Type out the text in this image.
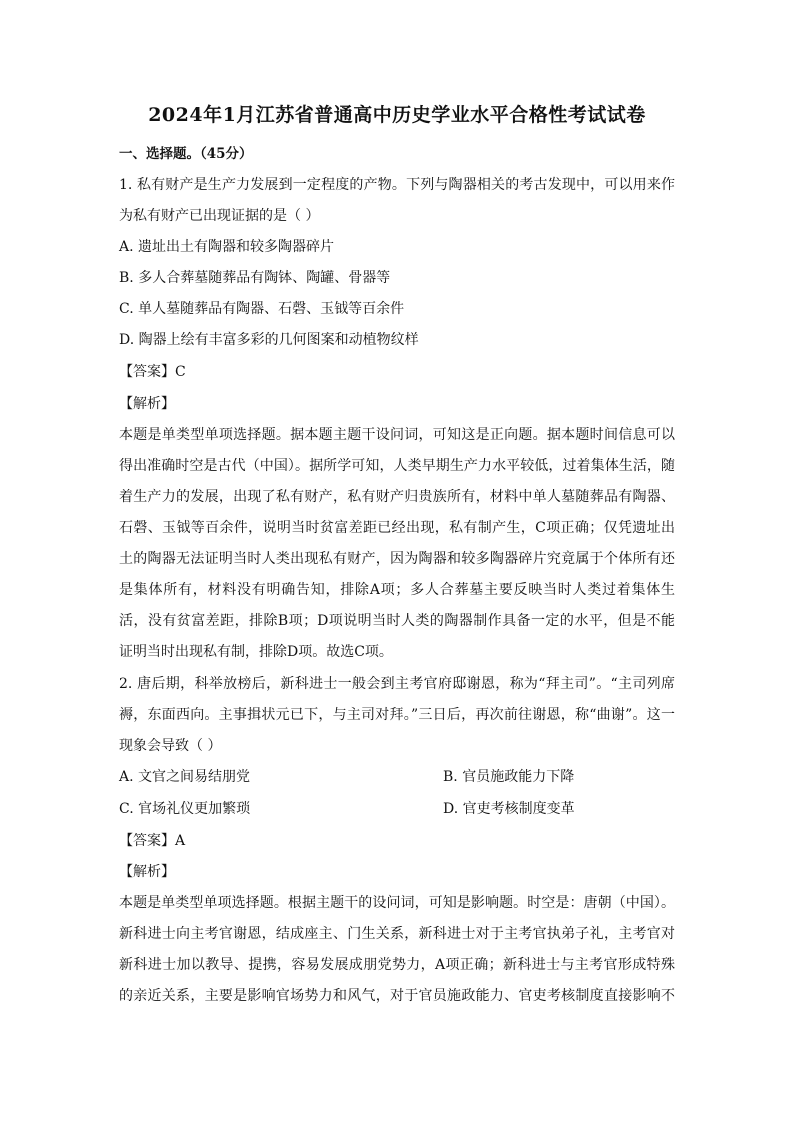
2024年1月江苏省普通高中历史学业水平合格性考试试卷
一、选择题。（45分）
1. 私有财产是生产力发展到一定程度的产物。下列与陶器相关的考古发现中，可以用来作
为私有财产已出现证据的是（ ）
A. 遗址出土有陶器和较多陶器碎片
B. 多人合葬墓随葬品有陶钵、陶罐、骨器等
C. 单人墓随葬品有陶器、石磬、玉钺等百余件
D. 陶器上绘有丰富多彩的几何图案和动植物纹样
【答案】C
【解析】
本题是单类型单项选择题。据本题主题干设问词，可知这是正向题。据本题时间信息可以
得出准确时空是古代（中国）。据所学可知，人类早期生产力水平较低，过着集体生活，随
着生产力的发展，出现了私有财产，私有财产归贵族所有，材料中单人墓随葬品有陶器、
石磬、玉钺等百余件，说明当时贫富差距已经出现，私有制产生，C项正确；仅凭遗址出
土的陶器无法证明当时人类出现私有财产，因为陶器和较多陶器碎片究竟属于个体所有还
是集体所有，材料没有明确告知，排除A项；多人合葬墓主要反映当时人类过着集体生
活，没有贫富差距，排除B项；D项说明当时人类的陶器制作具备一定的水平，但是不能
证明当时出现私有制，排除D项。故选C项。
2. 唐后期，科举放榜后，新科进士一般会到主考官府邸谢恩，称为“拜主司”。“主司列席
褥，东面西向。主事揖状元已下，与主司对拜。”三日后，再次前往谢恩，称“曲谢”。这一
现象会导致（ ）
A. 文官之间易结朋党	B. 官员施政能力下降
C. 官场礼仪更加繁琐	D. 官吏考核制度变革
【答案】A
【解析】
本题是单类型单项选择题。根据主题干的设问词，可知是影响题。时空是：唐朝（中国）。
新科进士向主考官谢恩，结成座主、门生关系，新科进士对于主考官执弟子礼，主考官对
新科进士加以教导、提携，容易发展成朋党势力，A项正确；新科进士与主考官形成特殊
的亲近关系，主要是影响官场势力和风气，对于官员施政能力、官吏考核制度直接影响不
